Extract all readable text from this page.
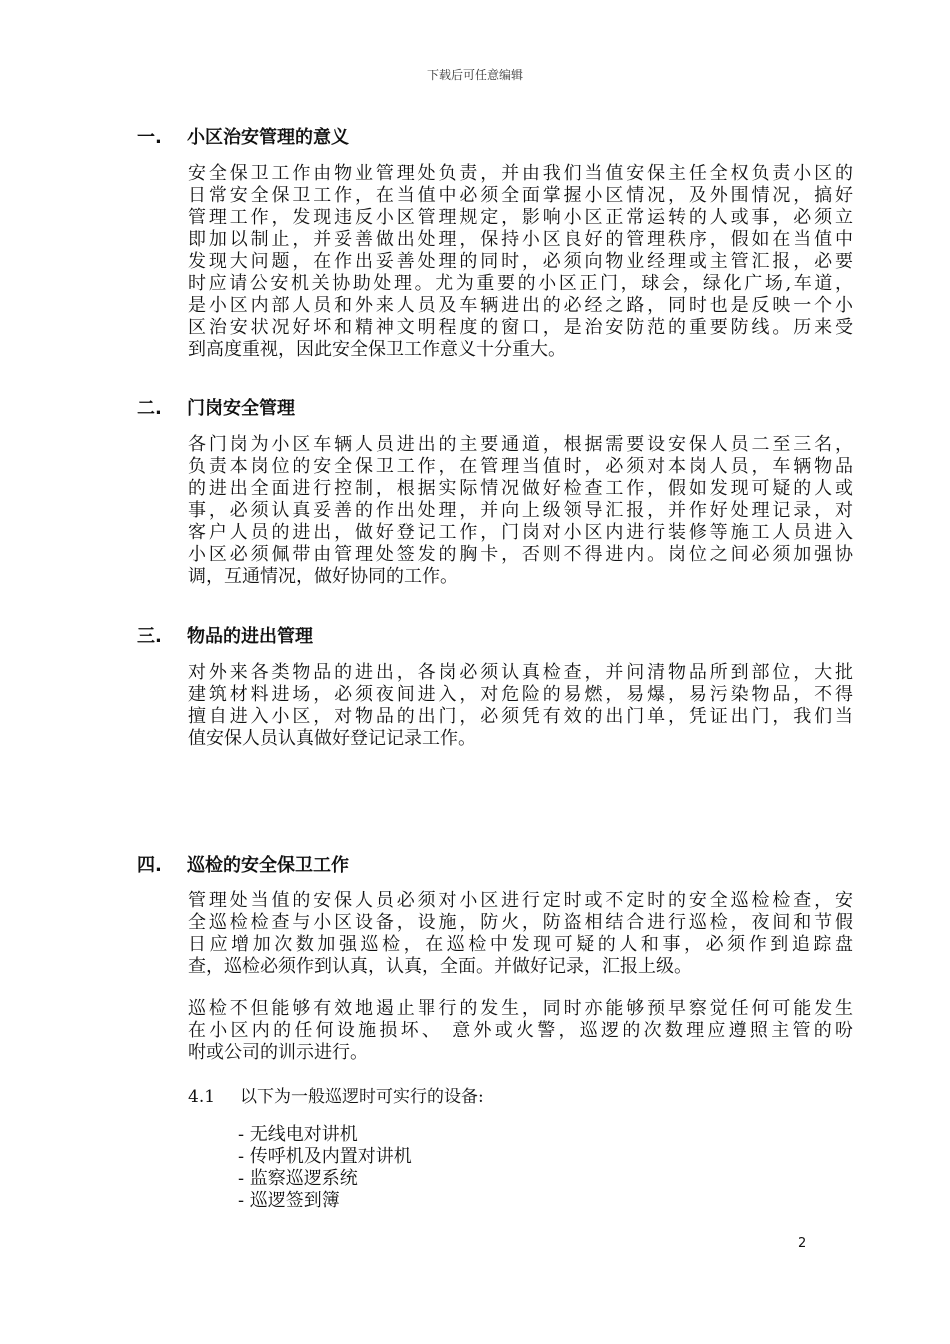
下载后可任意编辑
一. 小区治安管理的意义
安全保卫工作由物业管理处负责，并由我们当值安保主任全权负责小区的
日常安全保卫工作，在当值中必须全面掌握小区情况，及外围情况，搞好
管理工作，发现违反小区管理规定，影响小区正常运转的人或事，必须立
即加以制止，并妥善做出处理，保持小区良好的管理秩序，假如在当值中
发现大问题，在作出妥善处理的同时，必须向物业经理或主管汇报，必要
时应请公安机关协助处理。尤为重要的小区正门，球会，绿化广场,车道，
是小区内部人员和外来人员及车辆进出的必经之路，同时也是反映一个小
区治安状况好坏和精神文明程度的窗口，是治安防范的重要防线。历来受
到高度重视，因此安全保卫工作意义十分重大。
二. 门岗安全管理
各门岗为小区车辆人员进出的主要通道，根据需要设安保人员二至三名，
负责本岗位的安全保卫工作，在管理当值时，必须对本岗人员，车辆物品
的进出全面进行控制，根据实际情况做好检查工作，假如发现可疑的人或
事，必须认真妥善的作出处理，并向上级领导汇报，并作好处理记录，对
客户人员的进出，做好登记工作，门岗对小区内进行装修等施工人员进入
小区必须佩带由管理处签发的胸卡，否则不得进内。岗位之间必须加强协
调，互通情况，做好协同的工作。
三. 物品的进出管理
对外来各类物品的进出，各岗必须认真检查，并问清物品所到部位，大批
建筑材料进场，必须夜间进入，对危险的易燃，易爆，易污染物品，不得
擅自进入小区，对物品的出门，必须凭有效的出门单，凭证出门，我们当
值安保人员认真做好登记记录工作。
四. 巡检的安全保卫工作
管理处当值的安保人员必须对小区进行定时或不定时的安全巡检检查，安
全巡检检查与小区设备，设施，防火，防盗相结合进行巡检，夜间和节假
日应增加次数加强巡检，在巡检中发现可疑的人和事，必须作到追踪盘
查，巡检必须作到认真，认真，全面。并做好记录，汇报上级。
巡检不但能够有效地遏止罪行的发生，同时亦能够预早察觉任何可能发生
在小区内的任何设施损坏、 意外或火警，巡逻的次数理应遵照主管的吩
咐或公司的训示进行。
4.1 以下为一般巡逻时可实行的设备:
- 无线电对讲机
- 传呼机及内置对讲机
- 监察巡逻系统
- 巡逻签到簿
2
